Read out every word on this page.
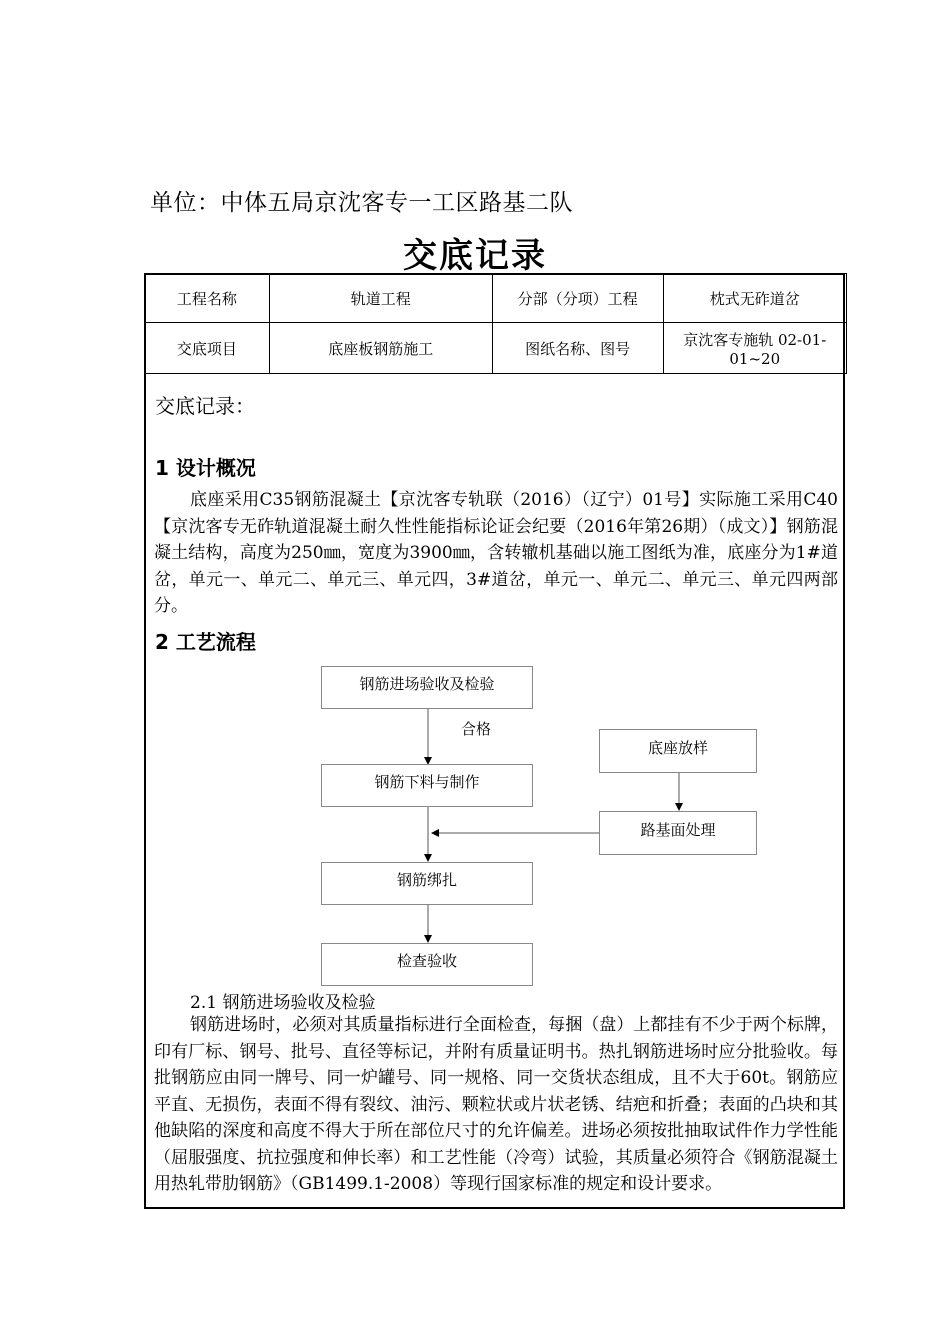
单位：中体五局京沈客专一工区路基二队
交底记录
工程名称	轨道工程	分部（分项）工程	枕式无砟道岔
交底项目	底座板钢筋施工	图纸名称、图号	京沈客专施轨 02-01-
01~20
交底记录：
1 设计概况
底座采用C35钢筋混凝土【京沈客专轨联（2016）（辽宁）01号】实际施工采用C40【京沈客专无砟轨道混凝土耐久性性能指标论证会纪要（2016年第26期）（成文）】钢筋混凝土结构，高度为250㎜，宽度为3900㎜，含转辙机基础以施工图纸为准，底座分为1#道岔，单元一、单元二、单元三、单元四，3#道岔，单元一、单元二、单元三、单元四两部分。
2 工艺流程
钢筋进场验收及检验
合格
钢筋下料与制作
钢筋绑扎
检查验收
底座放样
路基面处理
2.1 钢筋进场验收及检验
钢筋进场时，必须对其质量指标进行全面检查，每捆（盘）上都挂有不少于两个标牌，印有厂标、钢号、批号、直径等标记，并附有质量证明书。热扎钢筋进场时应分批验收。每批钢筋应由同一牌号、同一炉罐号、同一规格、同一交货状态组成，且不大于60t。钢筋应平直、无损伤，表面不得有裂纹、油污、颗粒状或片状老锈、结疤和折叠；表面的凸块和其他缺陷的深度和高度不得大于所在部位尺寸的允许偏差。进场必须按批抽取试件作力学性能（屈服强度、抗拉强度和伸长率）和工艺性能（冷弯）试验，其质量必须符合《钢筋混凝土用热轧带肋钢筋》（GB1499.1-2008）等现行国家标准的规定和设计要求。
